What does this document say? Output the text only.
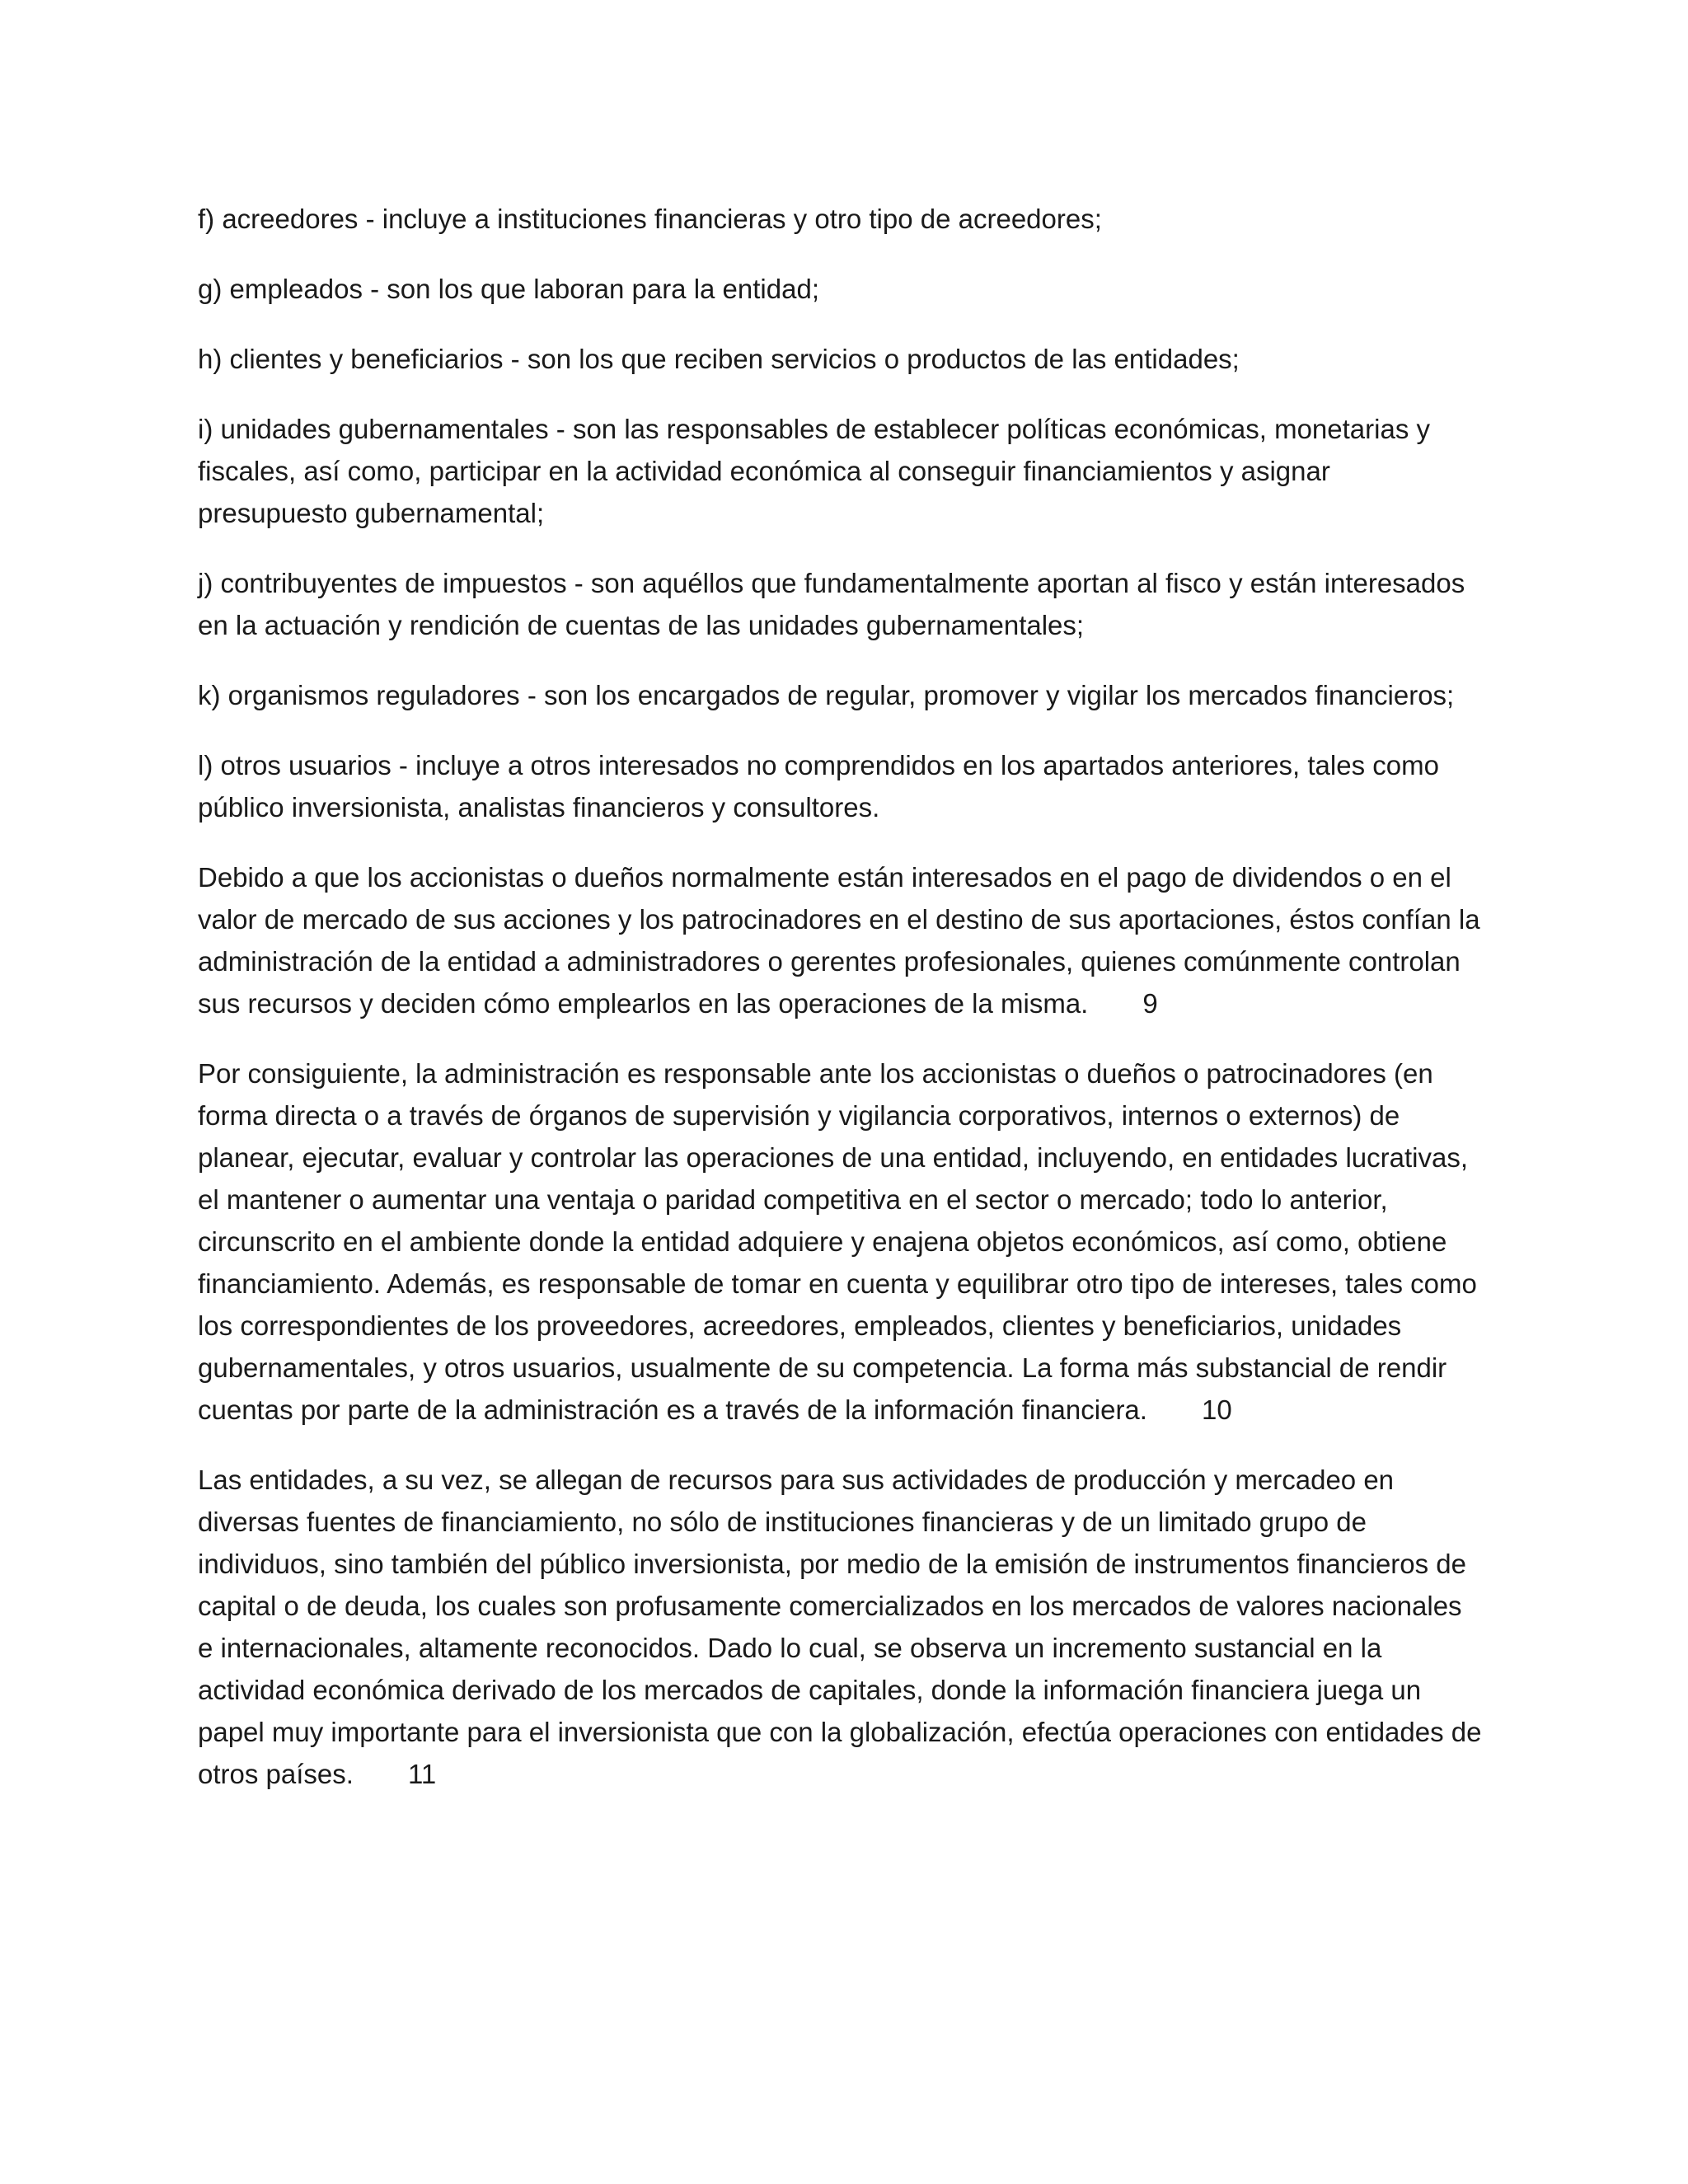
f) acreedores - incluye a instituciones financieras y otro tipo de acreedores;

g) empleados - son los que laboran para la entidad;

h) clientes y beneficiarios - son los que reciben servicios o productos de las entidades;

i) unidades gubernamentales - son las responsables de establecer políticas económicas, monetarias y fiscales, así como, participar en la actividad económica al conseguir financiamientos y asignar presupuesto gubernamental;

j) contribuyentes de impuestos - son aquéllos que fundamentalmente aportan al fisco y están interesados en la actuación y rendición de cuentas de las unidades gubernamentales;

k) organismos reguladores - son los encargados de regular, promover y vigilar los mercados financieros;

l) otros usuarios - incluye a otros interesados no comprendidos en los apartados anteriores, tales como público inversionista, analistas financieros y consultores.

Debido a que los accionistas o dueños normalmente están interesados en el pago de dividendos o en el valor de mercado de sus acciones y los patrocinadores en el destino de sus aportaciones, éstos confían la administración de la entidad a administradores o gerentes profesionales, quienes comúnmente controlan sus recursos y deciden cómo emplearlos en las operaciones de la misma. 9

Por consiguiente, la administración es responsable ante los accionistas o dueños o patrocinadores (en forma directa o a través de órganos de supervisión y vigilancia corporativos, internos o externos) de planear, ejecutar, evaluar y controlar las operaciones de una entidad, incluyendo, en entidades lucrativas, el mantener o aumentar una ventaja o paridad competitiva en el sector o mercado; todo lo anterior, circunscrito en el ambiente donde la entidad adquiere y enajena objetos económicos, así como, obtiene financiamiento. Además, es responsable de tomar en cuenta y equilibrar otro tipo de intereses, tales como los correspondientes de los proveedores, acreedores, empleados, clientes y beneficiarios, unidades gubernamentales, y otros usuarios, usualmente de su competencia. La forma más substancial de rendir cuentas por parte de la administración es a través de la información financiera. 10

Las entidades, a su vez, se allegan de recursos para sus actividades de producción y mercadeo en diversas fuentes de financiamiento, no sólo de instituciones financieras y de un limitado grupo de individuos, sino también del público inversionista, por medio de la emisión de instrumentos financieros de capital o de deuda, los cuales son profusamente comercializados en los mercados de valores nacionales e internacionales, altamente reconocidos. Dado lo cual, se observa un incremento sustancial en la actividad económica derivado de los mercados de capitales, donde la información financiera juega un papel muy importante para el inversionista que con la globalización, efectúa operaciones con entidades de otros países. 11
